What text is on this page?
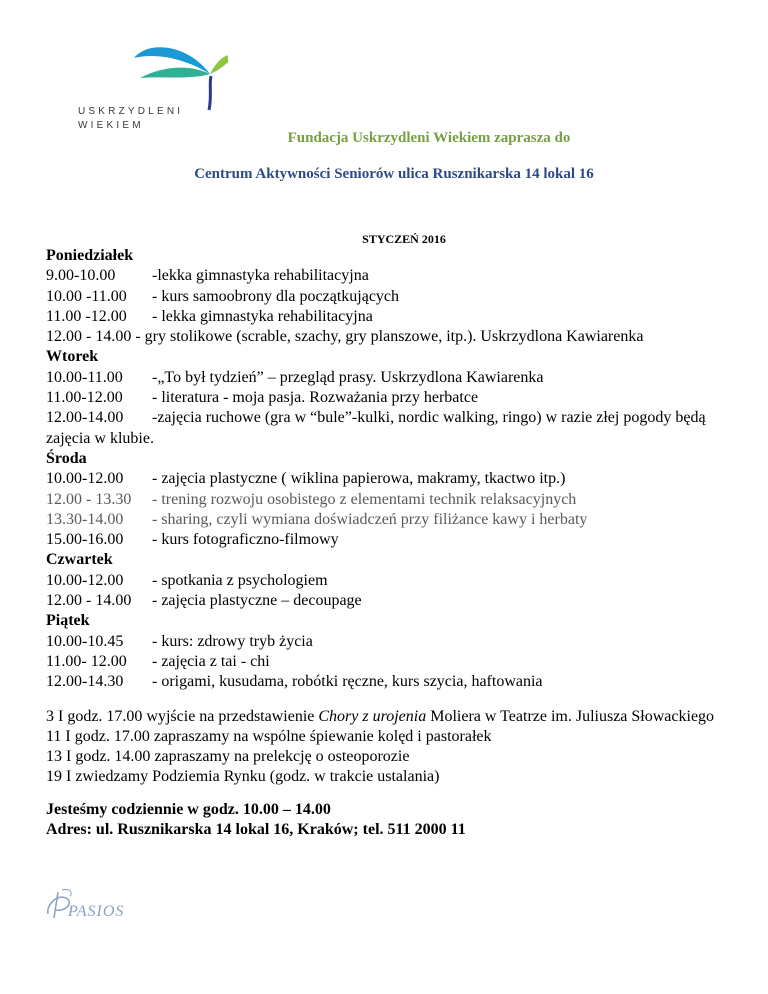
USKRZYDLENI
WIEKIEM
Fundacja Uskrzydleni Wiekiem zaprasza do
Centrum Aktywności Seniorów ulica Rusznikarska 14 lokal 16
STYCZEŃ 2016
Poniedziałek
9.00-10.00 -lekka gimnastyka rehabilitacyjna
10.00 -11.00 - kurs samoobrony dla początkujących
11.00 -12.00 - lekka gimnastyka rehabilitacyjna
12.00 - 14.00 - gry stolikowe (scrable, szachy, gry planszowe, itp.). Uskrzydlona Kawiarenka
Wtorek
10.00-11.00 -„To był tydzień” – przegląd prasy. Uskrzydlona Kawiarenka
11.00-12.00 - literatura - moja pasja. Rozważania przy herbatce
12.00-14.00 -zajęcia ruchowe (gra w “bule”-kulki, nordic walking, ringo) w razie złej pogody będą zajęcia w klubie.
Środa
10.00-12.00 - zajęcia plastyczne ( wiklina papierowa, makramy, tkactwo itp.)
12.00 - 13.30 - trening rozwoju osobistego z elementami technik relaksacyjnych
13.30-14.00 - sharing, czyli wymiana doświadczeń przy filiżance kawy i herbaty
15.00-16.00 - kurs fotograficzno-filmowy
Czwartek
10.00-12.00 - spotkania z psychologiem
12.00 - 14.00 - zajęcia plastyczne – decoupage
Piątek
10.00-10.45 - kurs: zdrowy tryb życia
11.00- 12.00 - zajęcia z tai - chi
12.00-14.30 - origami, kusudama, robótki ręczne, kurs szycia, haftowania
3 I godz. 17.00 wyjście na przedstawienie Chory z urojenia Moliera w Teatrze im. Juliusza Słowackiego
11 I godz. 17.00 zapraszamy na wspólne śpiewanie kolęd i pastorałek
13 I godz. 14.00 zapraszamy na prelekcję o osteoporozie
19 I zwiedzamy Podziemia Rynku (godz. w trakcie ustalania)
Jesteśmy codziennie w godz. 10.00 – 14.00
Adres: ul. Rusznikarska 14 lokal 16, Kraków; tel. 511 2000 11
PASIOS
